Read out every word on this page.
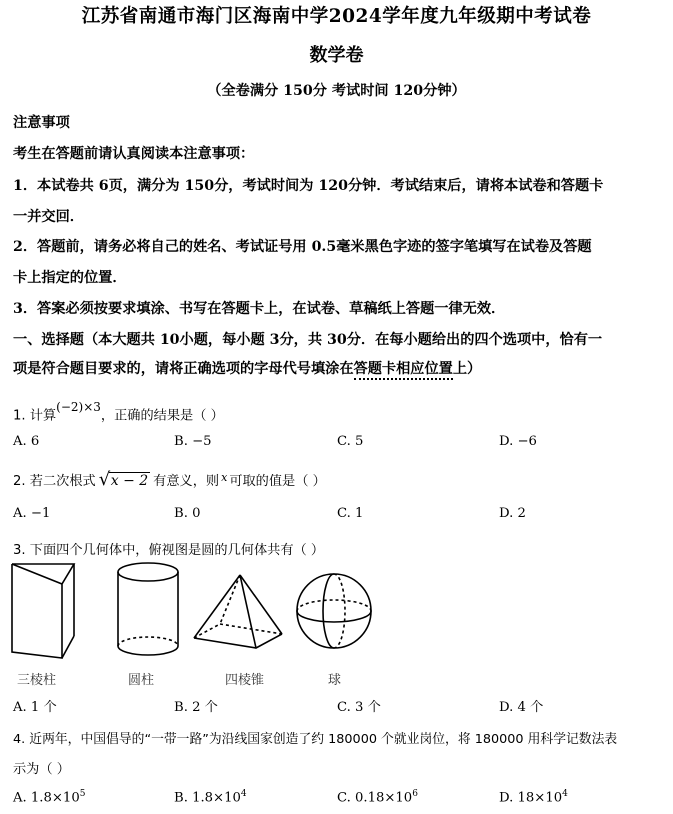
江苏省南通市海门区海南中学2024学年度九年级期中考试卷
数学卷
（全卷满分 150分 考试时间 120分钟）
注意事项
考生在答题前请认真阅读本注意事项：
1．本试卷共 6页，满分为 150分，考试时间为 120分钟．考试结束后，请将本试卷和答题卡
一并交回．
2．答题前，请务必将自己的姓名、考试证号用 0.5毫米黑色字迹的签字笔填写在试卷及答题
卡上指定的位置．
3．答案必须按要求填涂、书写在答题卡上，在试卷、草稿纸上答题一律无效．
一、选择题（本大题共 10小题，每小题 3分，共 30分．在每小题给出的四个选项中，恰有一
项是符合题目要求的，请将正确选项的字母代号填涂在答题卡相应位置上）
1. 计算$^{(-2)\times 3}$，正确的结果是（ ）
A. 6	B. −5	C. 5	D. −6
2. 若二次根式 √ x − 2 有意义，则 $^x$ 可取的值是（ ）
A. −1	B. 0	C. 1	D. 2
3. 下面四个几何体中，俯视图是圆的几何体共有（ ）
三棱柱	圆柱	四棱锥	球
A. 1 个	B. 2 个	C. 3 个	D. 4 个
4. 近两年，中国倡导的“一带一路”为沿线国家创造了约 180000 个就业岗位，将 180000 用科学记数法表
示为（ ）
A. $1.8\times 10^5$	B. $1.8\times 10^4$	C. $0.18\times 10^6$	D. $18\times 10^4$
